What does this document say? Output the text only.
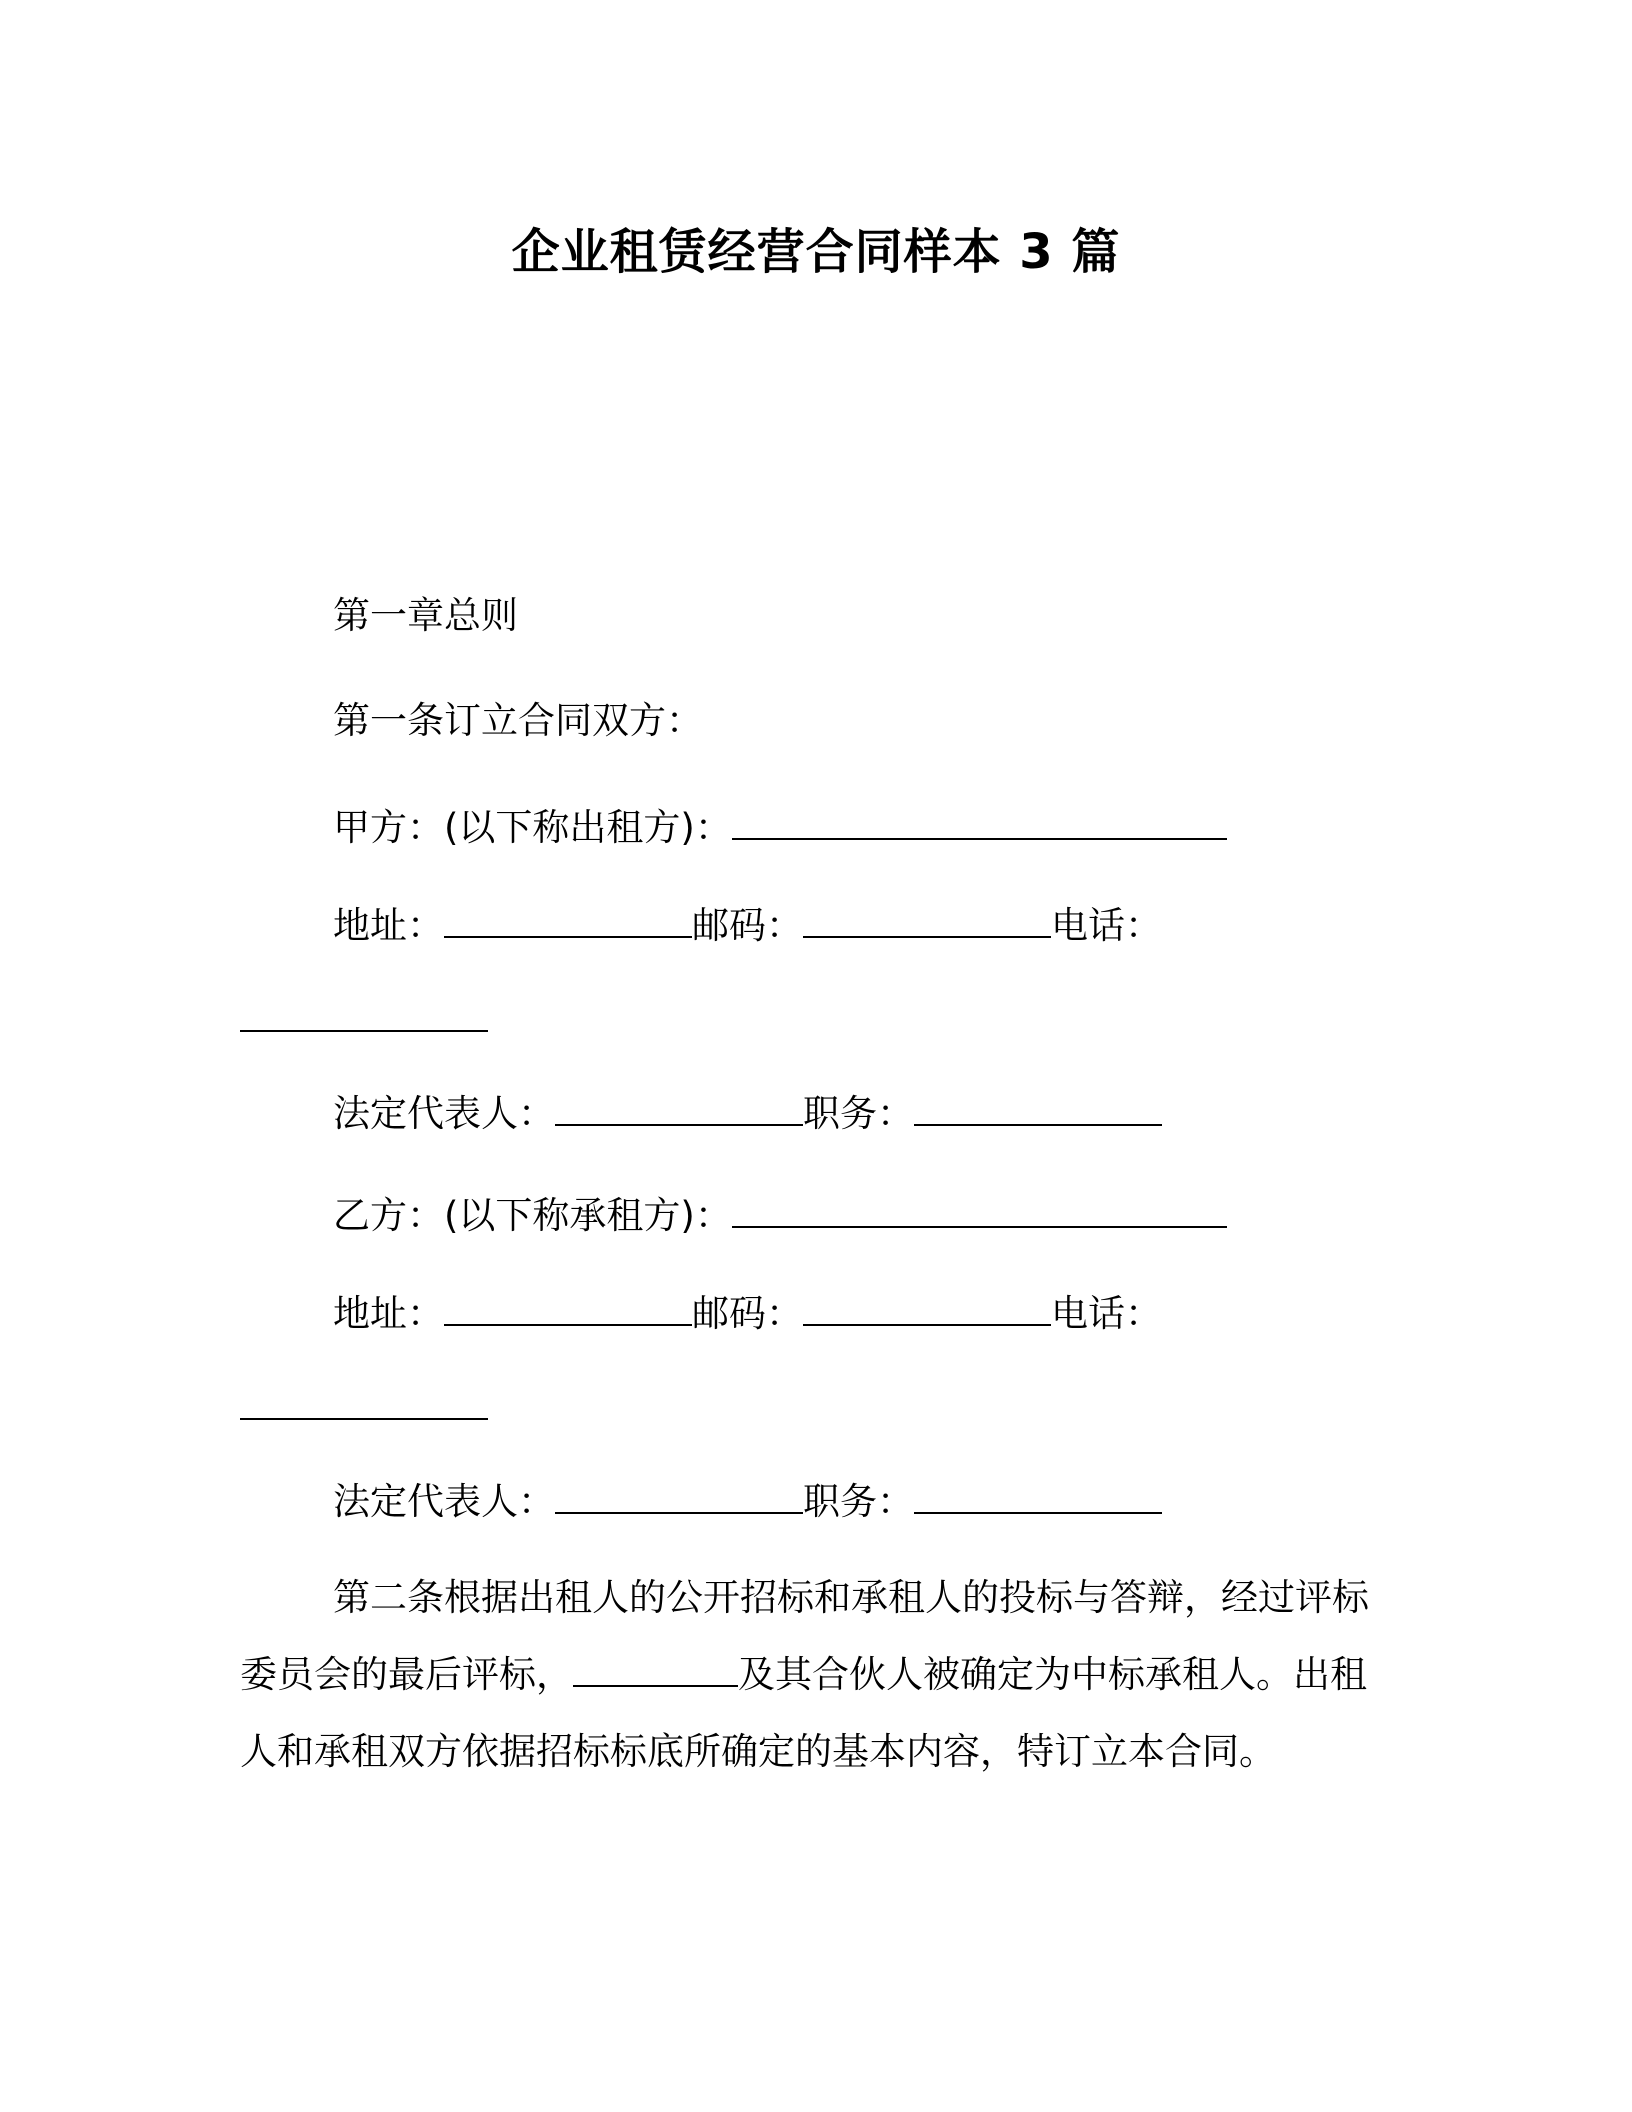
企业租赁经营合同样本 3 篇
第一章总则
第一条订立合同双方：
甲方：(以下称出租方)：
地址：	邮码：	电话：
法定代表人：	职务：
乙方：(以下称承租方)：
地址：	邮码：	电话：
法定代表人：	职务：
第二条根据出租人的公开招标和承租人的投标与答辩，经过评标
委员会的最后评标，	及其合伙人被确定为中标承租人。出租
人和承租双方依据招标标底所确定的基本内容，特订立本合同。
